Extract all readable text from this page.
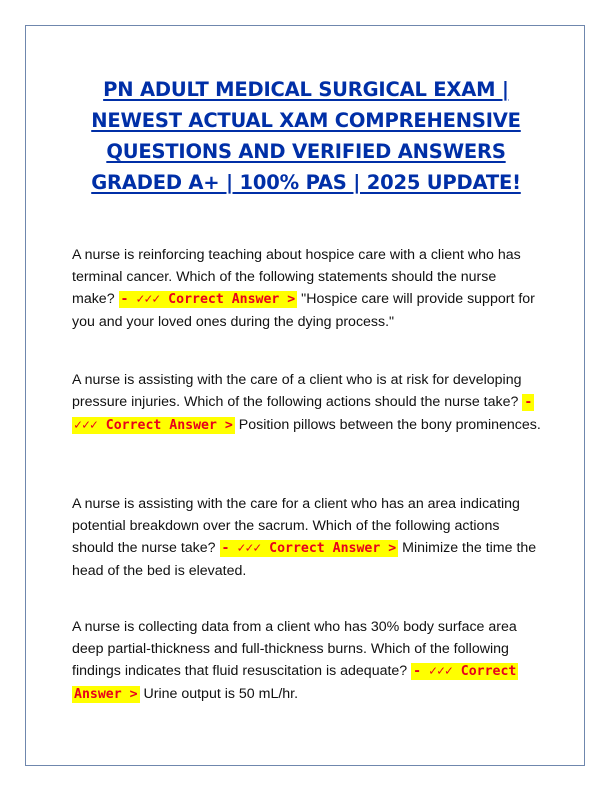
PN ADULT MEDICAL SURGICAL EXAM |
NEWEST ACTUAL XAM COMPREHENSIVE
QUESTIONS AND VERIFIED ANSWERS
GRADED A+ | 100% PAS | 2025 UPDATE!

A nurse is reinforcing teaching about hospice care with a client who has terminal cancer. Which of the following statements should the nurse make? - ✓✓✓ Correct Answer > "Hospice care will provide support for you and your loved ones during the dying process."

A nurse is assisting with the care of a client who is at risk for developing pressure injuries. Which of the following actions should the nurse take? - ✓✓✓ Correct Answer > Position pillows between the bony prominences.

A nurse is assisting with the care for a client who has an area indicating potential breakdown over the sacrum. Which of the following actions should the nurse take? - ✓✓✓ Correct Answer > Minimize the time the head of the bed is elevated.

A nurse is collecting data from a client who has 30% body surface area deep partial-thickness and full-thickness burns. Which of the following findings indicates that fluid resuscitation is adequate? - ✓✓✓ Correct Answer > Urine output is 50 mL/hr.
